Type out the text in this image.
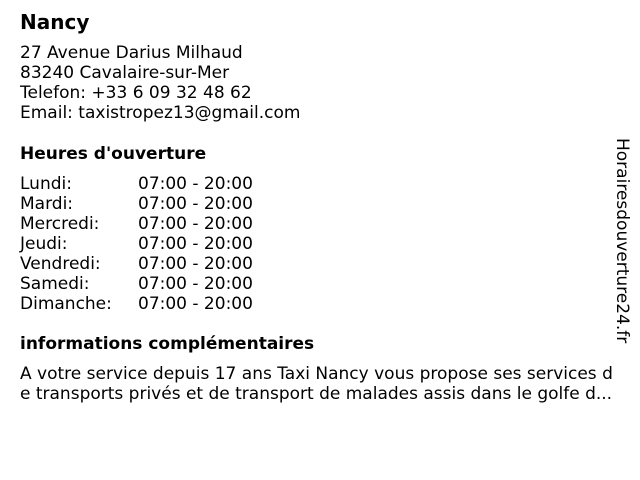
Nancy
27 Avenue Darius Milhaud
83240 Cavalaire-sur-Mer
Telefon: +33 6 09 32 48 62
Email: taxistropez13@gmail.com
Heures d'ouverture
Lundi:	07:00 - 20:00
Mardi:	07:00 - 20:00
Mercredi:	07:00 - 20:00
Jeudi:	07:00 - 20:00
Vendredi:	07:00 - 20:00
Samedi:	07:00 - 20:00
Dimanche:	07:00 - 20:00
informations complémentaires
A votre service depuis 17 ans Taxi Nancy vous propose ses services d
e transports privés et de transport de malades assis dans le golfe d...
Horairesdouverture24.fr
